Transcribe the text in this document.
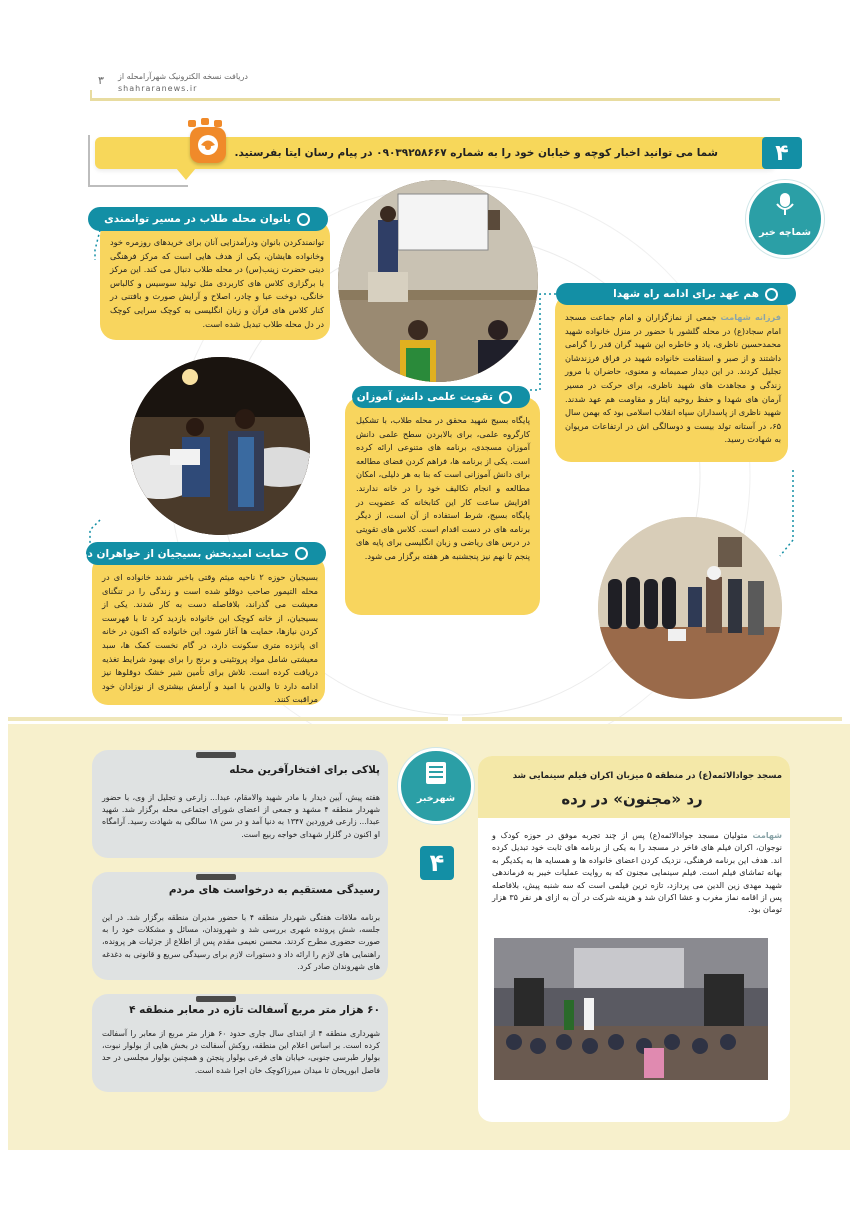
دریافت نسخه الکترونیک شهرآرامحله از
shahraranews.ir
۳
شما می توانید اخبار کوچه و خیابان خود را به شماره ۰۹۰۳۹۲۵۸۶۶۷ در پیام رسان ایتا بفرستید.	۴
شماچه خبر
بانوان محله طلاب در مسیر توانمندی
توانمندکردن بانوان ودرآمدزایی آنان برای خریدهای روزمره خود وخانواده هایشان، یکی از هدف هایی است که مرکز فرهنگی دینی حضرت زینب(س) در محله طلاب دنبال می کند. این مرکز با برگزاری کلاس های کاربردی مثل تولید سوسیس و کالباس خانگی، دوخت عبا و چادر، اصلاح و آرایش صورت و بافتنی در کنار کلاس های قرآن و زبان انگلیسی به کوچک سرایی کوچک در دل محله طلاب تبدیل شده است.
هم عهد برای ادامه راه شهدا
فرزانه شهامت جمعی از نمازگزاران و امام جماعت مسجد امام سجاد(ع) در محله گلشور با حضور در منزل خانواده شهید محمدحسین ناظری، یاد و خاطره این شهید گران قدر را گرامی داشتند و از صبر و استقامت خانواده شهید در فراق فرزندشان تجلیل کردند. در این دیدار صمیمانه و معنوی، حاضران با مرور زندگی و مجاهدت های شهید ناظری، برای حرکت در مسیر آرمان های شهدا و حفظ روحیه ایثار و مقاومت هم عهد شدند. شهید ناظری از پاسداران سپاه انقلاب اسلامی بود که بهمن سال ۶۵، در آستانه تولد بیست و دوسالگی اش در ارتفاعات مریوان به شهادت رسید.
تقویت علمی دانش آموزان مسجدی
پایگاه بسیج شهید محقق در محله طلاب، با تشکیل کارگروه علمی، برای بالابردن سطح علمی دانش آموزان مسجدی، برنامه های متنوعی ارائه کرده است. یکی از برنامه ها، فراهم کردن فضای مطالعه برای دانش آموزانی است که بنا به هر دلیلی، امکان مطالعه و انجام تکالیف خود را در خانه ندارند. افزایش ساعت کار این کتابخانه که عضویت در پایگاه بسیج، شرط استفاده از آن است، از دیگر برنامه های در دست اقدام است. کلاس های تقویتی در درس های ریاضی و زبان انگلیسی برای پایه های پنجم تا نهم نیز پنجشنبه هر هفته برگزار می شود.
حمایت امیدبخش بسیجیان از خواهران دوقلو
بسیجیان حوزه ۲ ناحیه میثم وقتی باخبر شدند خانواده ای در محله التیمور صاحب دوقلو شده است و زندگی را در تنگنای معیشت می گذراند، بلافاصله دست به کار شدند. یکی از بسیجیان، از خانه کوچک این خانواده بازدید کرد تا با فهرست کردن نیازها، حمایت ها آغاز شود. این خانواده که اکنون در خانه ای پانزده متری سکونت دارد، در گام نخست کمک ها، سبد معیشتی شامل مواد پروتئینی و برنج را برای بهبود شرایط تغذیه دریافت کرده است. تلاش برای تأمین شیر خشک دوقلوها نیز ادامه دارد تا والدین با امید و آرامش بیشتری از نوزادان خود مراقبت کنند.
مسجد جوادالائمه(ع) در منطقه ۵ میزبان اکران فیلم سینمایی شد
رد «مجنون» در رده
شهامت متولیان مسجد جوادالائمه(ع) پس از چند تجربه موفق در حوزه کودک و نوجوان، اکران فیلم های فاخر در مسجد را به یکی از برنامه های ثابت خود تبدیل کرده اند. هدف این برنامه فرهنگی، نزدیک کردن اعضای خانواده ها و همسایه ها به یکدیگر به بهانه تماشای فیلم است. فیلم سینمایی مجنون که به روایت عملیات خیبر به فرماندهی شهید مهدی زین الدین می پردازد، تازه ترین فیلمی است که سه شنبه پیش، بلافاصله پس از اقامه نماز مغرب و عشا اکران شد و هزینه شرکت در آن به ازای هر نفر ۳۵ هزار تومان بود.
شهرخبر
۴
پلاکی برای افتخارآفرین محله
هفته پیش، آیین دیدار با مادر شهید والامقام، عبدا... زارعی و تجلیل از وی، با حضور شهردار منطقه ۴ مشهد و جمعی از اعضای شورای اجتماعی محله برگزار شد. شهید عبدا... زارعی فروردین ۱۳۴۷ به دنیا آمد و در سن ۱۸ سالگی به شهادت رسید. آرامگاه او اکنون در گلزار شهدای خواجه ربیع است.
رسیدگی مستقیم به درخواست های مردم
برنامه ملاقات هفتگی شهردار منطقه ۴ با حضور مدیران منطقه برگزار شد. در این جلسه، شش پرونده شهری بررسی شد و شهروندان، مسائل و مشکلات خود را به صورت حضوری مطرح کردند. محسن نعیمی مقدم پس از اطلاع از جزئیات هر پرونده، راهنمایی های لازم را ارائه داد و دستورات لازم برای رسیدگی سریع و قانونی به دغدغه های شهروندان صادر کرد.
۶۰ هزار متر مربع آسفالت تازه در معابر منطقه ۴
شهرداری منطقه ۴ از ابتدای سال جاری حدود ۶۰ هزار متر مربع از معابر را آسفالت کرده است. بر اساس اعلام این منطقه، روکش آسفالت در بخش هایی از بولوار نبوت، بولوار طبرسی جنوبی، خیابان های فرعی بولوار پنجتن و همچنین بولوار مجلسی در حد فاصل ابوریحان تا میدان میرزاکوچک خان اجرا شده است.
